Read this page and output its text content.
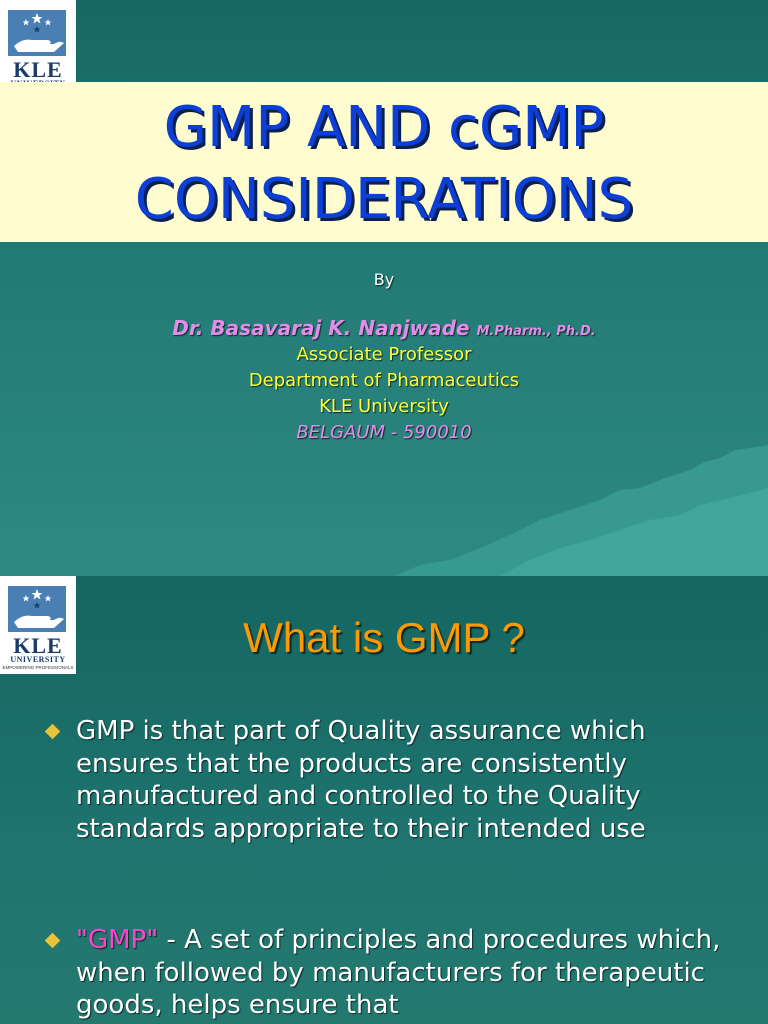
KLE
GMP AND cGMP
CONSIDERATIONS
By
Dr. Basavaraj K. Nanjwade M.Pharm., Ph.D.
Associate Professor
Department of Pharmaceutics
KLE University
BELGAUM - 590010
KLE
UNIVERSITY
EMPOWERING PROFESSIONALS
What is GMP ?
GMP is that part of Quality assurance which ensures that the products are consistently manufactured and controlled to the Quality standards appropriate to their intended use
"GMP" - A set of principles and procedures which, when followed by manufacturers for therapeutic goods, helps ensure that
